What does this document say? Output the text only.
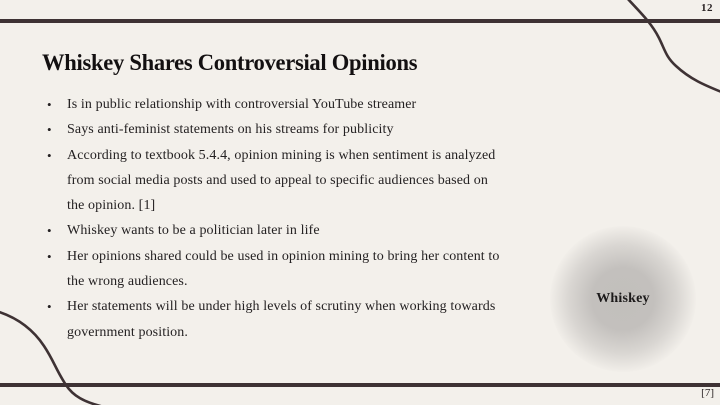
12
Whiskey Shares Controversial Opinions
•	Is in public relationship with controversial YouTube streamer
•	Says anti-feminist statements on his streams for publicity
•	According to textbook 5.4.4, opinion mining is when sentiment is analyzed
from social media posts and used to appeal to specific audiences based on
the opinion. [1]
•	Whiskey wants to be a politician later in life
•	Her opinions shared could be used in opinion mining to bring her content to
the wrong audiences.
•	Her statements will be under high levels of scrutiny when working towards
government position.
Whiskey
[7]
